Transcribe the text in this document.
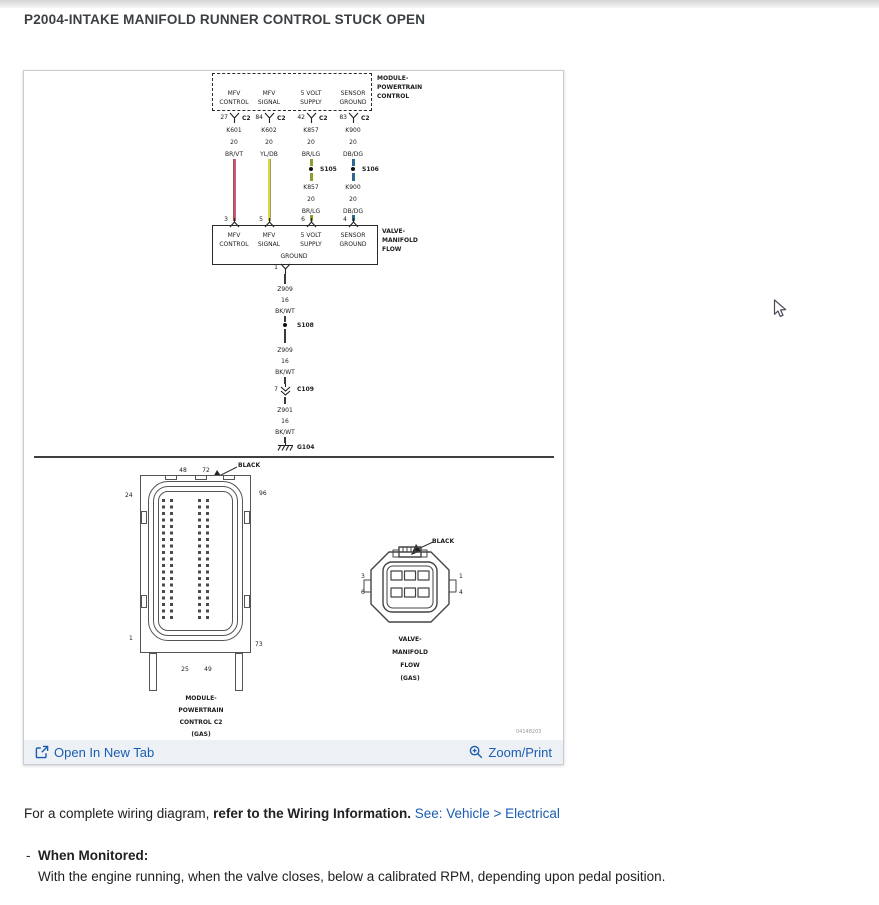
P2004-INTAKE MANIFOLD RUNNER CONTROL STUCK OPEN
MODULE-
POWERTRAIN
CONTROL
MFV
CONTROL
27 C2
K601
20
BR/VT
3
MFV
SIGNAL
84 C2
K602
20
YL/DB
5
5 VOLT
SUPPLY
42 C2
K857
20
BR/LG
S105
K857
20
BR/LG
6
SENSOR
GROUND
83 C2
K900
20
DB/DG
S106
K900
20
DB/DG
4
MFV
CONTROL
MFV
SIGNAL
5 VOLT
SUPPLY
SENSOR
GROUND
GROUND
VALVE-
MANIFOLD
FLOW
1
Z909
16
BK/WT
S108
Z909
16
BK/WT
7	C109
Z901
16
BK/WT
G104
48	72
BLACK
24	96
1
73
25	49
MODULE-
POWERTRAIN
CONTROL C2
(GAS)
BLACK
3
6
1
4
VALVE-
MANIFOLD
FLOW
(GAS)
04148203
Open In New Tab	Zoom/Print
For a complete wiring diagram, refer to the Wiring Information. See: Vehicle > Electrical
- When Monitored:
With the engine running, when the valve closes, below a calibrated RPM, depending upon pedal position.
